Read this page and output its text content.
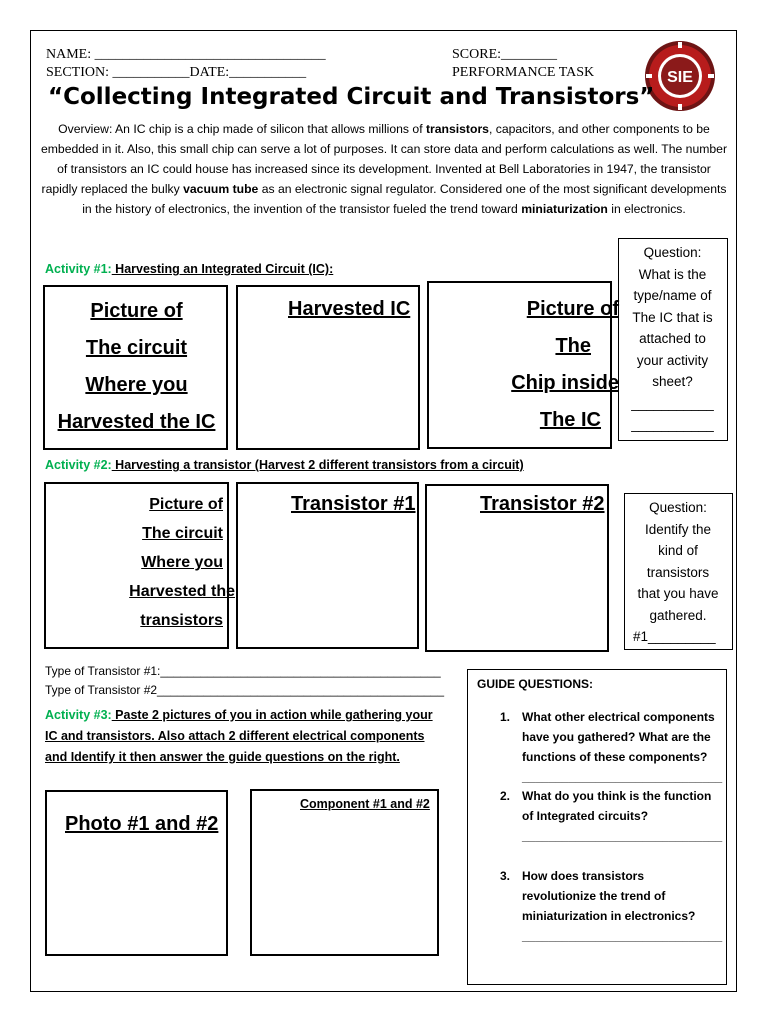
NAME: _________________________________
SECTION: ___________DATE:___________
SCORE:________
PERFORMANCE TASK	SIE
“Collecting Integrated Circuit and Transistors”
Overview: An IC chip is a chip made of silicon that allows millions of transistors, capacitors, and other components to be embedded in it. Also, this small chip can serve a lot of purposes. It can store data and perform calculations as well. The number of transistors an IC could house has increased since its development. Invented at Bell Laboratories in 1947, the transistor rapidly replaced the bulky vacuum tube as an electronic signal regulator. Considered one of the most significant developments in the history of electronics, the invention of the transistor fueled the trend toward miniaturization in electronics.
Activity #1: Harvesting an Integrated Circuit (IC):
Picture of
The circuit
Where you
Harvested the IC
Harvested IC	Picture of
The
Chip inside
The IC
Question:
What is the
type/name of
The IC that is
attached to
your activity
sheet?
___________
___________
Activity #2: Harvesting a transistor (Harvest 2 different transistors from a circuit)
Picture of
The circuit
Where you
Harvested the
transistors
Transistor #1	Transistor #2	Question:
Identify the
kind of
transistors
that you have
gathered.
#1_________
Type of Transistor #1:__________________________________________
Type of Transistor #2___________________________________________
Activity #3: Paste 2 pictures of you in action while gathering your
IC and transistors. Also attach 2 different electrical components
and Identify it then answer the guide questions on the right.
Photo #1 and #2
Component #1 and #2
GUIDE QUESTIONS:
1. What other electrical components
have you gathered? What are the
functions of these components?
______________________________
2. What do you think is the function
of Integrated circuits?
______________________________
3. How does transistors
revolutionize the trend of
miniaturization in electronics?
______________________________
